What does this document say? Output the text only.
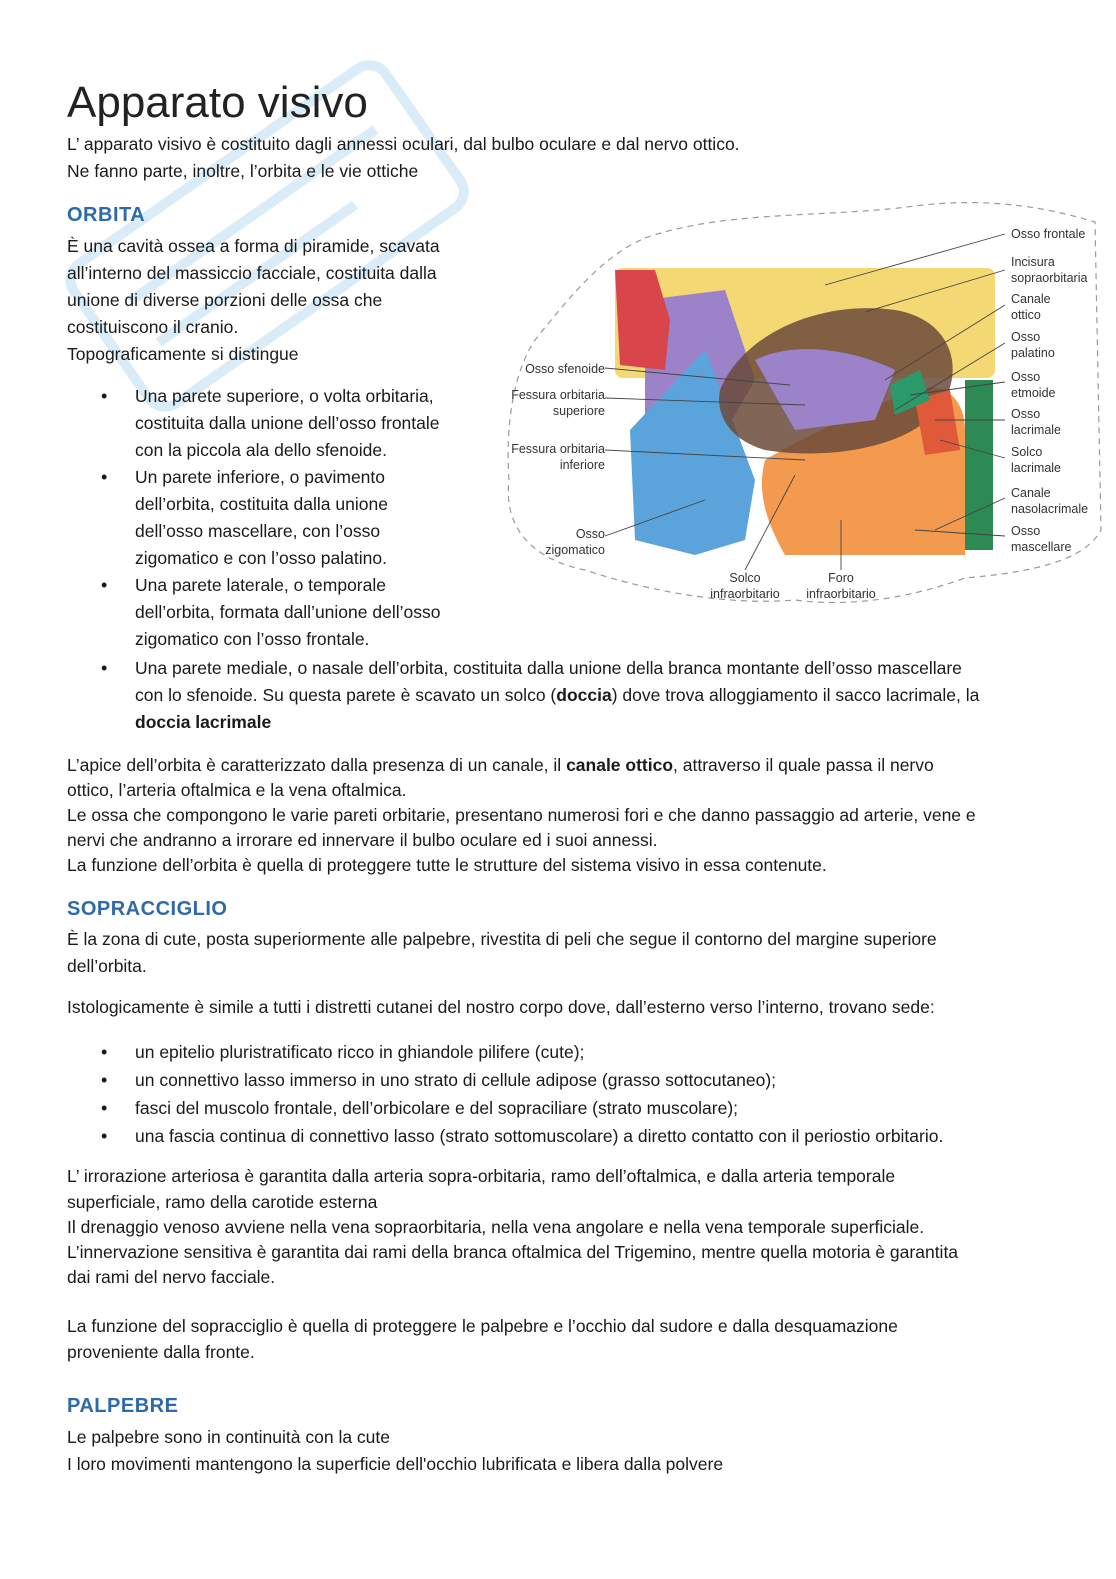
Apparato visivo

L’ apparato visivo è costituito dagli annessi oculari, dal bulbo oculare e dal nervo ottico.

Ne fanno parte, inoltre, l’orbita e le vie ottiche

ORBITA

È una cavità ossea a forma di piramide, scavata

all’interno del massiccio facciale, costituita dalla

unione di diverse porzioni delle ossa che

costituiscono il cranio.

Topograficamente si distingue

• Una parete superiore, o volta orbitaria,
costituita dalla unione dell’osso frontale
con la piccola ala dello sfenoide.
• Un parete inferiore, o pavimento
dell’orbita, costituita dalla unione
dell’osso mascellare, con l’osso
zigomatico e con l’osso palatino.
• Una parete laterale, o temporale
dell’orbita, formata dall’unione dell’osso
zigomatico con l’osso frontale.
• Una parete mediale, o nasale dell’orbita, costituita dalla unione della branca montante dell’osso mascellare
con lo sfenoide. Su questa parete è scavato un solco (doccia) dove trova alloggiamento il sacco lacrimale, la
doccia lacrimale

L’apice dell’orbita è caratterizzato dalla presenza di un canale, il canale ottico, attraverso il quale passa il nervo

ottico, l’arteria oftalmica e la vena oftalmica.

Le ossa che compongono le varie pareti orbitarie, presentano numerosi fori e che danno passaggio ad arterie, vene e

nervi che andranno a irrorare ed innervare il bulbo oculare ed i suoi annessi.

La funzione dell’orbita è quella di proteggere tutte le strutture del sistema visivo in essa contenute.

SOPRACCIGLIO

È la zona di cute, posta superiormente alle palpebre, rivestita di peli che segue il contorno del margine superiore

dell’orbita.

Istologicamente è simile a tutti i distretti cutanei del nostro corpo dove, dall’esterno verso l’interno, trovano sede:

• un epitelio pluristratificato ricco in ghiandole pilifere (cute);
• un connettivo lasso immerso in uno strato di cellule adipose (grasso sottocutaneo);
• fasci del muscolo frontale, dell’orbicolare e del sopraciliare (strato muscolare);
• una fascia continua di connettivo lasso (strato sottomuscolare) a diretto contatto con il periostio orbitario.

L’ irrorazione arteriosa è garantita dalla arteria sopra-orbitaria, ramo dell’oftalmica, e dalla arteria temporale

superficiale, ramo della carotide esterna

Il drenaggio venoso avviene nella vena sopraorbitaria, nella vena angolare e nella vena temporale superficiale.

L’innervazione sensitiva è garantita dai rami della branca oftalmica del Trigemino, mentre quella motoria è garantita

dai rami del nervo facciale.

La funzione del sopracciglio è quella di proteggere le palpebre e l’occhio dal sudore e dalla desquamazione

proveniente dalla fronte.

PALPEBRE

Le palpebre sono in continuità con la cute

I loro movimenti mantengono la superficie dell'occhio lubrificata e libera dalla polvere

Osso frontale
Incisura
sopraorbitaria
Canale
ottico
Osso
palatino
Osso
etmoide
Osso
lacrimale
Solco
lacrimale
Canale
nasolacrimale
Osso
mascellare
Osso sfenoide
Fessura orbitaria
superiore
Fessura orbitaria
inferiore
Osso
zigomatico
Solco
infraorbitario
Foro
infraorbitario
